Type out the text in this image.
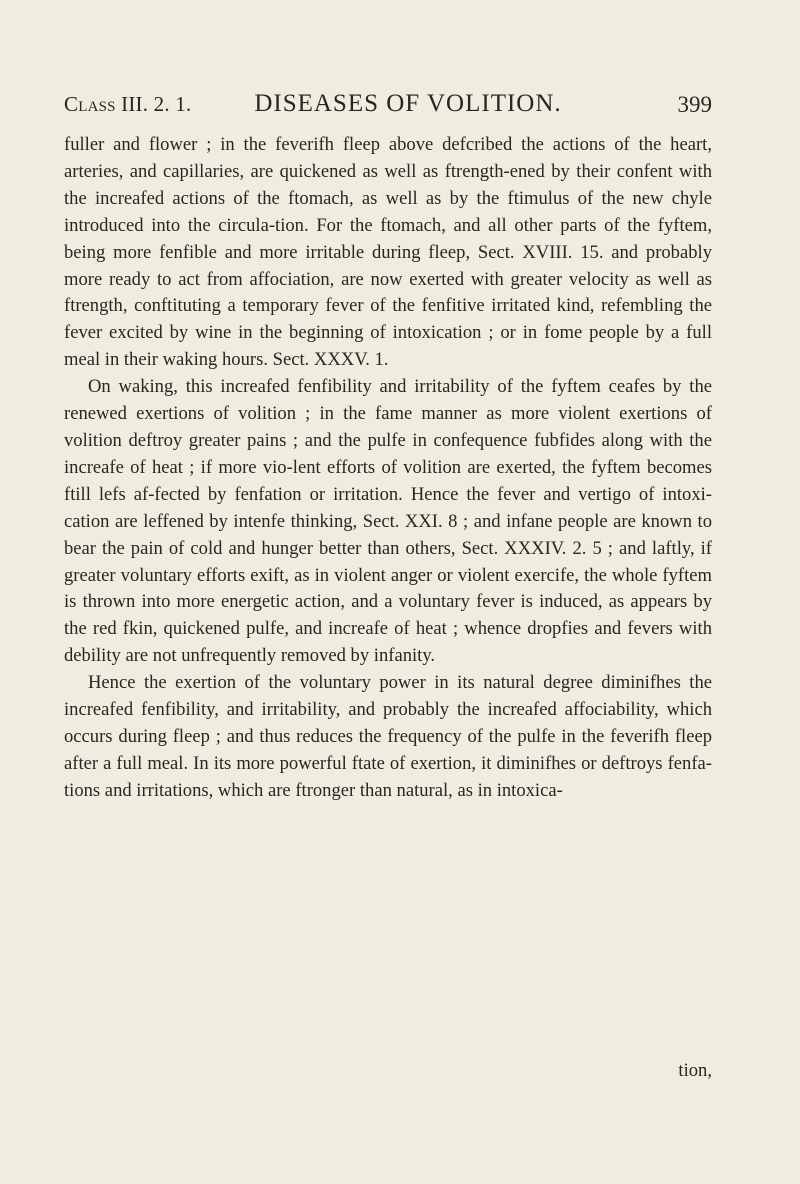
Class III. 2. 1.	DISEASES OF VOLITION.	399

fuller and flower ; in the feverifh fleep above defcribed the actions of the heart, arteries, and capillaries, are quickened as well as ftrength-ened by their confent with the increafed actions of the ftomach, as well as by the ftimulus of the new chyle introduced into the circula-tion. For the ftomach, and all other parts of the fyftem, being more fenfible and more irritable during fleep, Sect. XVIII. 15. and probably more ready to act from affociation, are now exerted with greater velocity as well as ftrength, conftituting a temporary fever of the fenfitive irritated kind, refembling the fever excited by wine in the beginning of intoxication ; or in fome people by a full meal in their waking hours. Sect. XXXV. 1.

On waking, this increafed fenfibility and irritability of the fyftem ceafes by the renewed exertions of volition ; in the fame manner as more violent exertions of volition deftroy greater pains ; and the pulfe in confequence fubfides along with the increafe of heat ; if more vio-lent efforts of volition are exerted, the fyftem becomes ftill lefs af-fected by fenfation or irritation. Hence the fever and vertigo of intoxi-cation are leffened by intenfe thinking, Sect. XXI. 8 ; and infane people are known to bear the pain of cold and hunger better than others, Sect. XXXIV. 2. 5 ; and laftly, if greater voluntary efforts exift, as in violent anger or violent exercife, the whole fyftem is thrown into more energetic action, and a voluntary fever is induced, as appears by the red fkin, quickened pulfe, and increafe of heat ; whence dropfies and fevers with debility are not unfrequently removed by infanity.

Hence the exertion of the voluntary power in its natural degree diminifhes the increafed fenfibility, and irritability, and probably the increafed affociability, which occurs during fleep ; and thus reduces the frequency of the pulfe in the feverifh fleep after a full meal. In its more powerful ftate of exertion, it diminifhes or deftroys fenfa-tions and irritations, which are ftronger than natural, as in intoxica-

tion,
